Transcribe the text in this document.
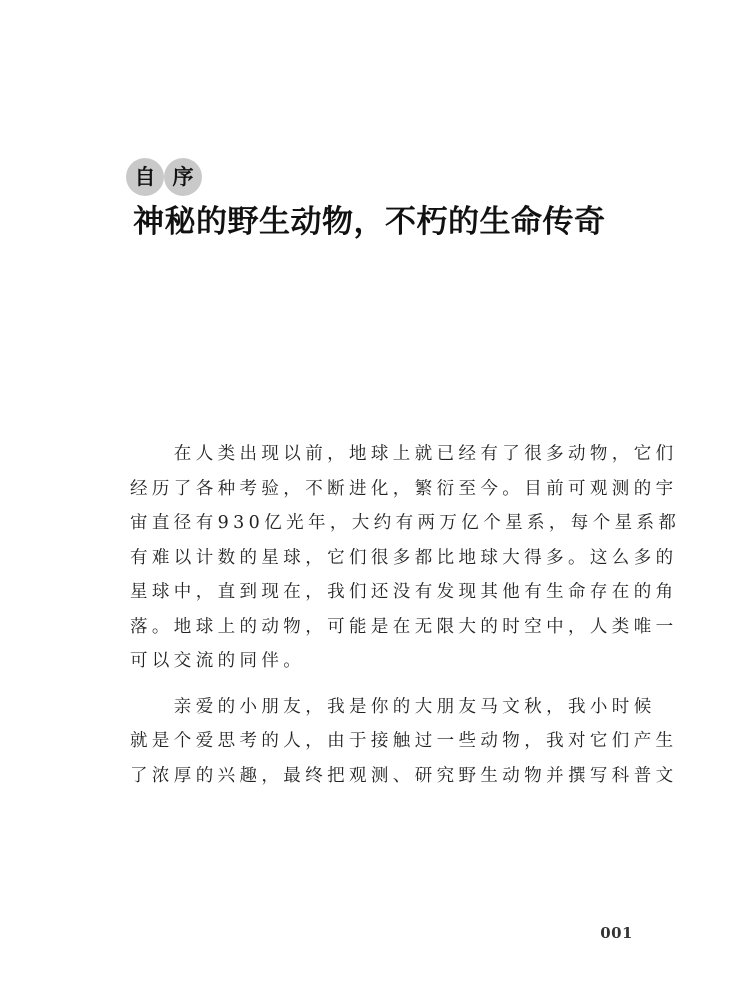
自 序
神秘的野生动物，不朽的生命传奇
　　在人类出现以前，地球上就已经有了很多动物，它们
经历了各种考验，不断进化，繁衍至今。目前可观测的宇
宙直径有930亿光年，大约有两万亿个星系，每个星系都
有难以计数的星球，它们很多都比地球大得多。这么多的
星球中，直到现在，我们还没有发现其他有生命存在的角
落。地球上的动物，可能是在无限大的时空中，人类唯一
可以交流的同伴。
　　亲爱的小朋友，我是你的大朋友马文秋，我小时候
就是个爱思考的人，由于接触过一些动物，我对它们产生
了浓厚的兴趣，最终把观测、研究野生动物并撰写科普文
001
